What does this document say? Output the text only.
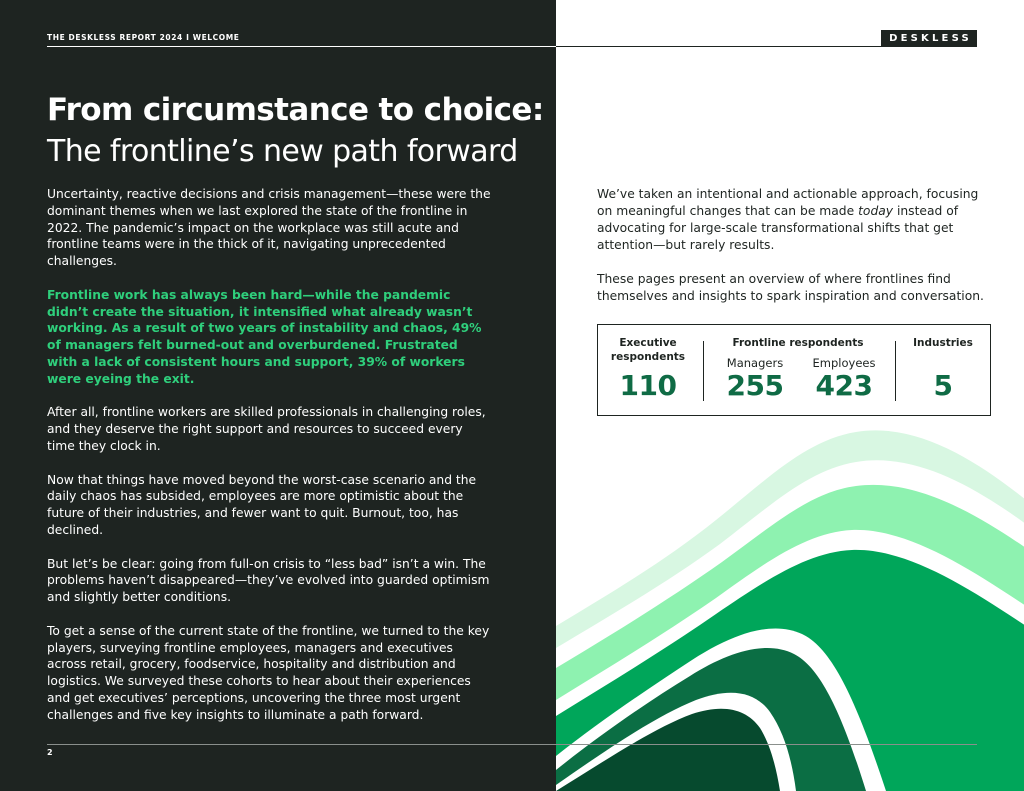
THE DESKLESS REPORT 2024 I WELCOME	DESKLESS
From circumstance to choice:
The frontline’s new path forward

Uncertainty, reactive decisions and crisis management—these were the dominant themes when we last explored the state of the frontline in 2022. The pandemic’s impact on the workplace was still acute and frontline teams were in the thick of it, navigating unprecedented challenges.

Frontline work has always been hard—while the pandemic didn’t create the situation, it intensified what already wasn’t working. As a result of two years of instability and chaos, 49% of managers felt burned-out and overburdened. Frustrated with a lack of consistent hours and support, 39% of workers were eyeing the exit.

After all, frontline workers are skilled professionals in challenging roles, and they deserve the right support and resources to succeed every time they clock in.

Now that things have moved beyond the worst-case scenario and the daily chaos has subsided, employees are more optimistic about the future of their industries, and fewer want to quit. Burnout, too, has declined.

But let’s be clear: going from full-on crisis to “less bad” isn’t a win. The problems haven’t disappeared—they’ve evolved into guarded optimism and slightly better conditions.

To get a sense of the current state of the frontline, we turned to the key players, surveying frontline employees, managers and executives across retail, grocery, foodservice, hospitality and distribution and logistics. We surveyed these cohorts to hear about their experiences and get executives’ perceptions, uncovering the three most urgent challenges and five key insights to illuminate a path forward.

We’ve taken an intentional and actionable approach, focusing on meaningful changes that can be made today instead of advocating for large-scale transformational shifts that get attention—but rarely results.

These pages present an overview of where frontlines find themselves and insights to spark inspiration and conversation.

Executive
respondents
110
Frontline respondents
Managers
255
Employees
423
Industries
5
2
